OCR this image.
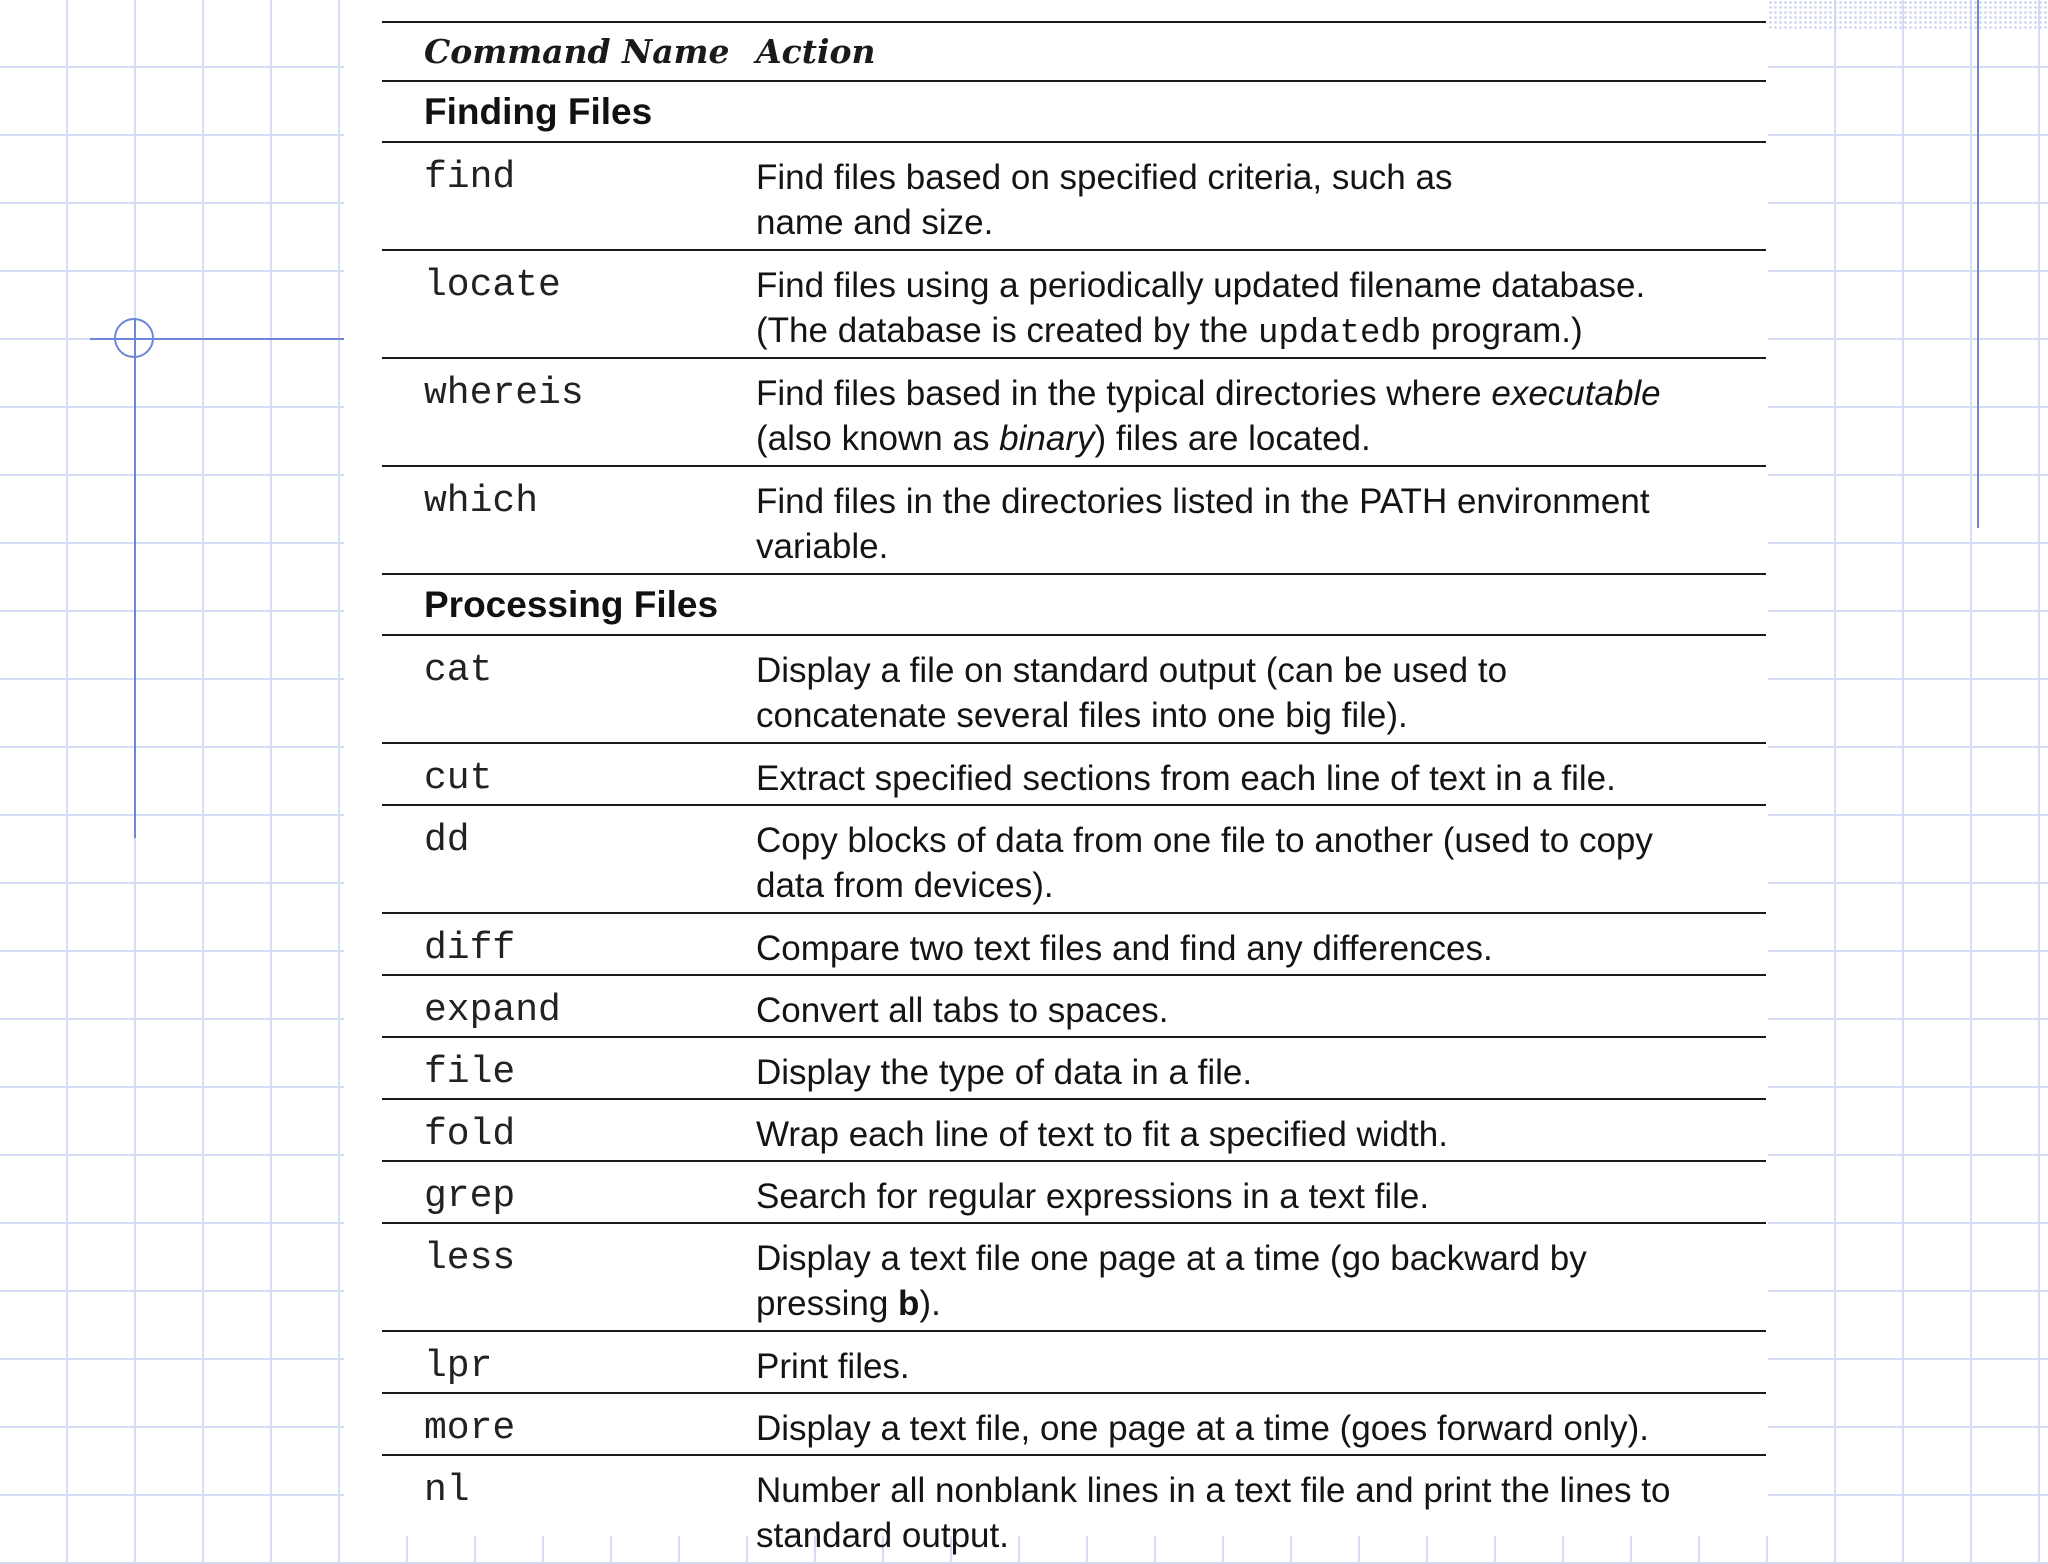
Command Name Action
Finding Files
find	Find files based on specified criteria, such as
name and size.
locate	Find files using a periodically updated filename database.
(The database is created by the updatedb program.)
whereis	Find files based in the typical directories where executable
(also known as binary) files are located.
which	Find files in the directories listed in the PATH environment
variable.
Processing Files
cat	Display a file on standard output (can be used to
concatenate several files into one big file).
cut	Extract specified sections from each line of text in a file.
dd	Copy blocks of data from one file to another (used to copy
data from devices).
diff	Compare two text files and find any differences.
expand	Convert all tabs to spaces.
file	Display the type of data in a file.
fold	Wrap each line of text to fit a specified width.
grep	Search for regular expressions in a text file.
less	Display a text file one page at a time (go backward by
pressing b).
lpr	Print files.
more	Display a text file, one page at a time (goes forward only).
nl	Number all nonblank lines in a text file and print the lines to
standard output.
